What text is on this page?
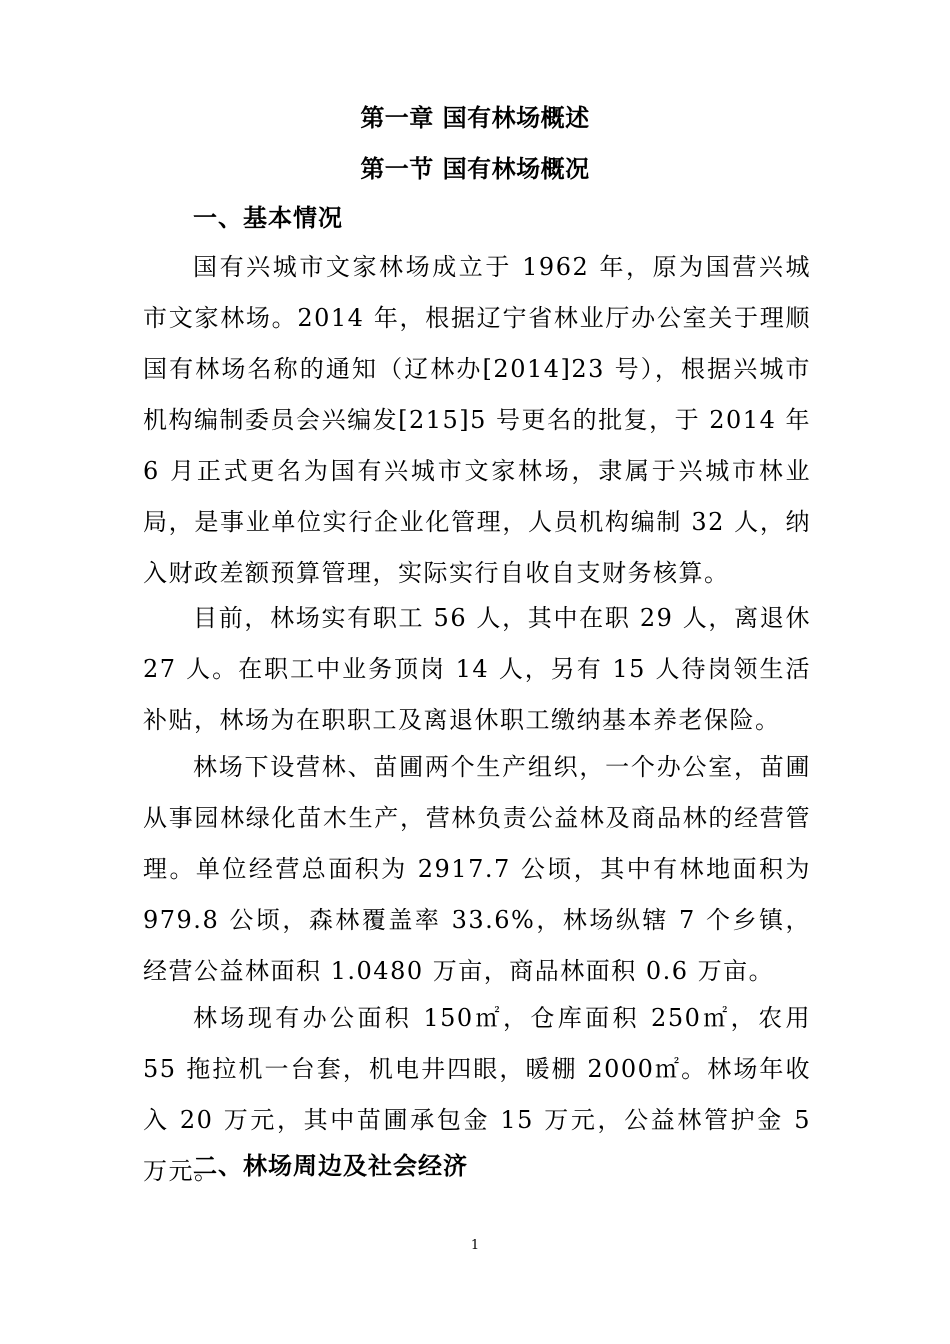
第一章 国有林场概述
第一节 国有林场概况
一、基本情况

国有兴城市文家林场成立于 1962 年，原为国营兴城市文家林场。2014 年，根据辽宁省林业厅办公室关于理顺国有林场名称的通知（辽林办[2014]23 号），根据兴城市机构编制委员会兴编发[215]5 号更名的批复，于 2014 年 6 月正式更名为国有兴城市文家林场，隶属于兴城市林业局，是事业单位实行企业化管理，人员机构编制 32 人，纳入财政差额预算管理，实际实行自收自支财务核算。

目前，林场实有职工 56 人，其中在职 29 人，离退休 27 人。在职工中业务顶岗 14 人，另有 15 人待岗领生活补贴，林场为在职职工及离退休职工缴纳基本养老保险。

林场下设营林、苗圃两个生产组织，一个办公室，苗圃从事园林绿化苗木生产，营林负责公益林及商品林的经营管理。单位经营总面积为 2917.7 公顷，其中有林地面积为 979.8 公顷，森林覆盖率 33.6%，林场纵辖 7 个乡镇，经营公益林面积 1.0480 万亩，商品林面积 0.6 万亩。

林场现有办公面积 150㎡，仓库面积 250㎡，农用 55 拖拉机一台套，机电井四眼，暖棚 2000㎡。林场年收入 20 万元，其中苗圃承包金 15 万元，公益林管护金 5 万元。

二、林场周边及社会经济
1
